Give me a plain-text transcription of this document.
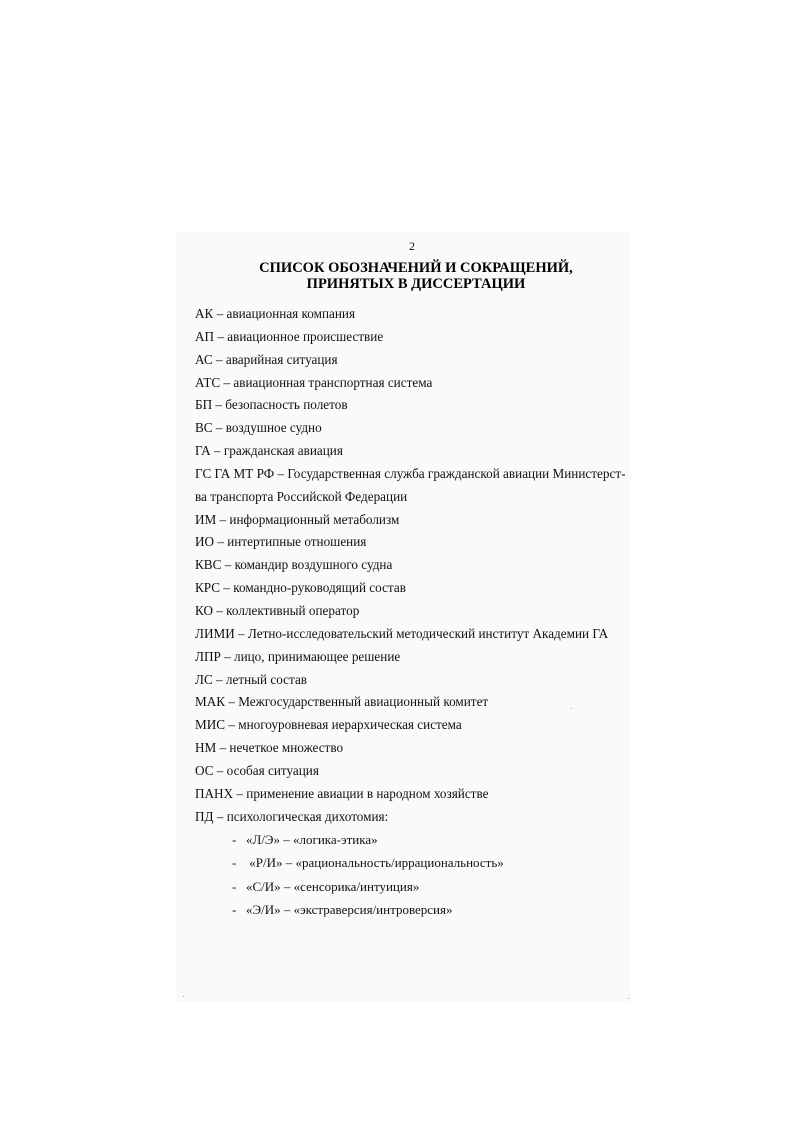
2

СПИСОК ОБОЗНАЧЕНИЙ И СОКРАЩЕНИЙ,
ПРИНЯТЫХ В ДИССЕРТАЦИИ
АК – авиационная компания
АП – авиационное происшествие
АС – аварийная ситуация
АТС – авиационная транспортная система
БП – безопасность полетов
ВС – воздушное судно
ГА – гражданская авиация
ГС ГА МТ РФ – Государственная служба гражданской авиации Министерст-
ва транспорта Российской Федерации
ИМ – информационный метаболизм
ИО – интертипные отношения
КВС – командир воздушного судна
КРС – командно-руководящий состав
КО – коллективный оператор
ЛИМИ – Летно-исследовательский методический институт Академии ГА
ЛПР – лицо, принимающее решение
ЛС – летный состав
МАК – Межгосударственный авиационный комитет
МИС – многоуровневая иерархическая система
НМ – нечеткое множество
ОС – особая ситуация
ПАНХ – применение авиации в народном хозяйстве
ПД – психологическая дихотомия:
- «Л/Э» – «логика-этика»
- «Р/И» – «рациональность/иррациональность»
- «С/И» – «сенсорика/интуиция»
- «Э/И» – «экстраверсия/интроверсия»
